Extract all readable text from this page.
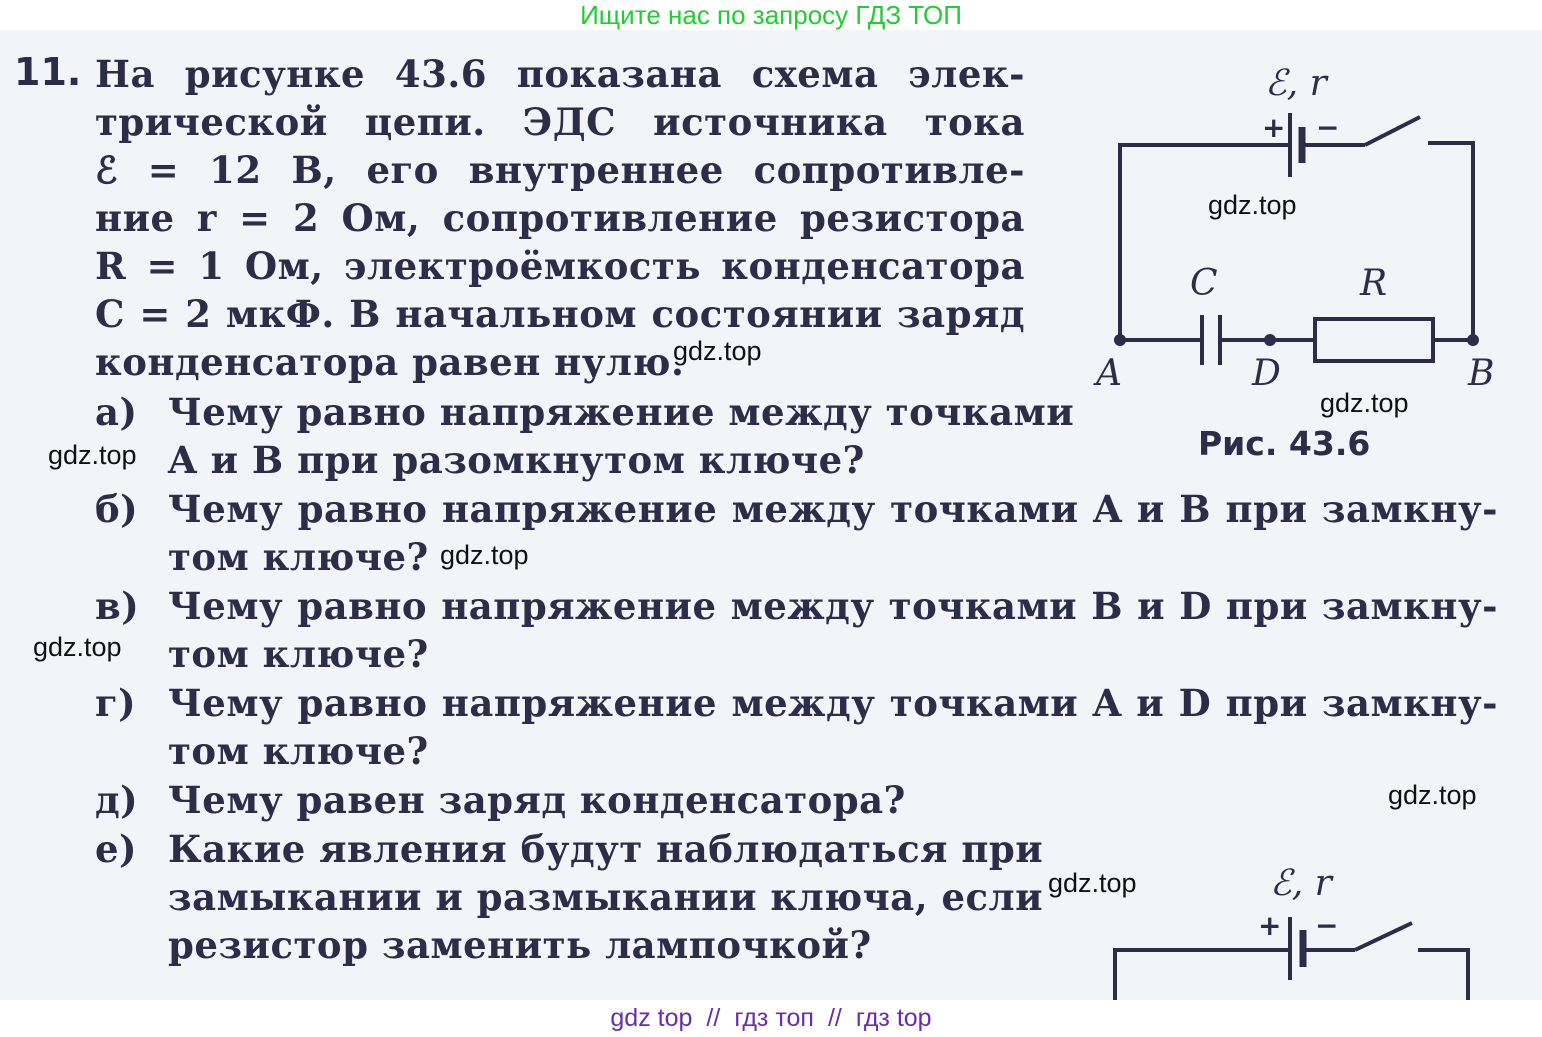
Ищите нас по запросу ГДЗ ТОП
11. На рисунке 43.6 показана схема элек-
трической цепи. ЭДС источника тока
ℰ = 12 В, его внутреннее сопротивле-
ние r = 2 Ом, сопротивление резистора
R = 1 Ом, электроёмкость конденсатора
C = 2 мкФ. В начальном состоянии заряд
конденсатора равен нулю.
а) Чему равно напряжение между точками
A и B при разомкнутом ключе?
б) Чему равно напряжение между точками A и B при замкну-
том ключе?
в) Чему равно напряжение между точками B и D при замкну-
том ключе?
г) Чему равно напряжение между точками A и D при замкну-
том ключе?
д) Чему равен заряд конденсатора?
е) Какие явления будут наблюдаться при
замыкании и размыкании ключа, если
резистор заменить лампочкой?
ℰ, r
+ −
C	R
A	D	B
Рис. 43.6
ℰ, r
+ −
gdz.top
gdz.top
gdz.top
gdz.top
gdz.top
gdz.top
gdz.top
gdz.top
gdz top // гдз топ // гдз top
